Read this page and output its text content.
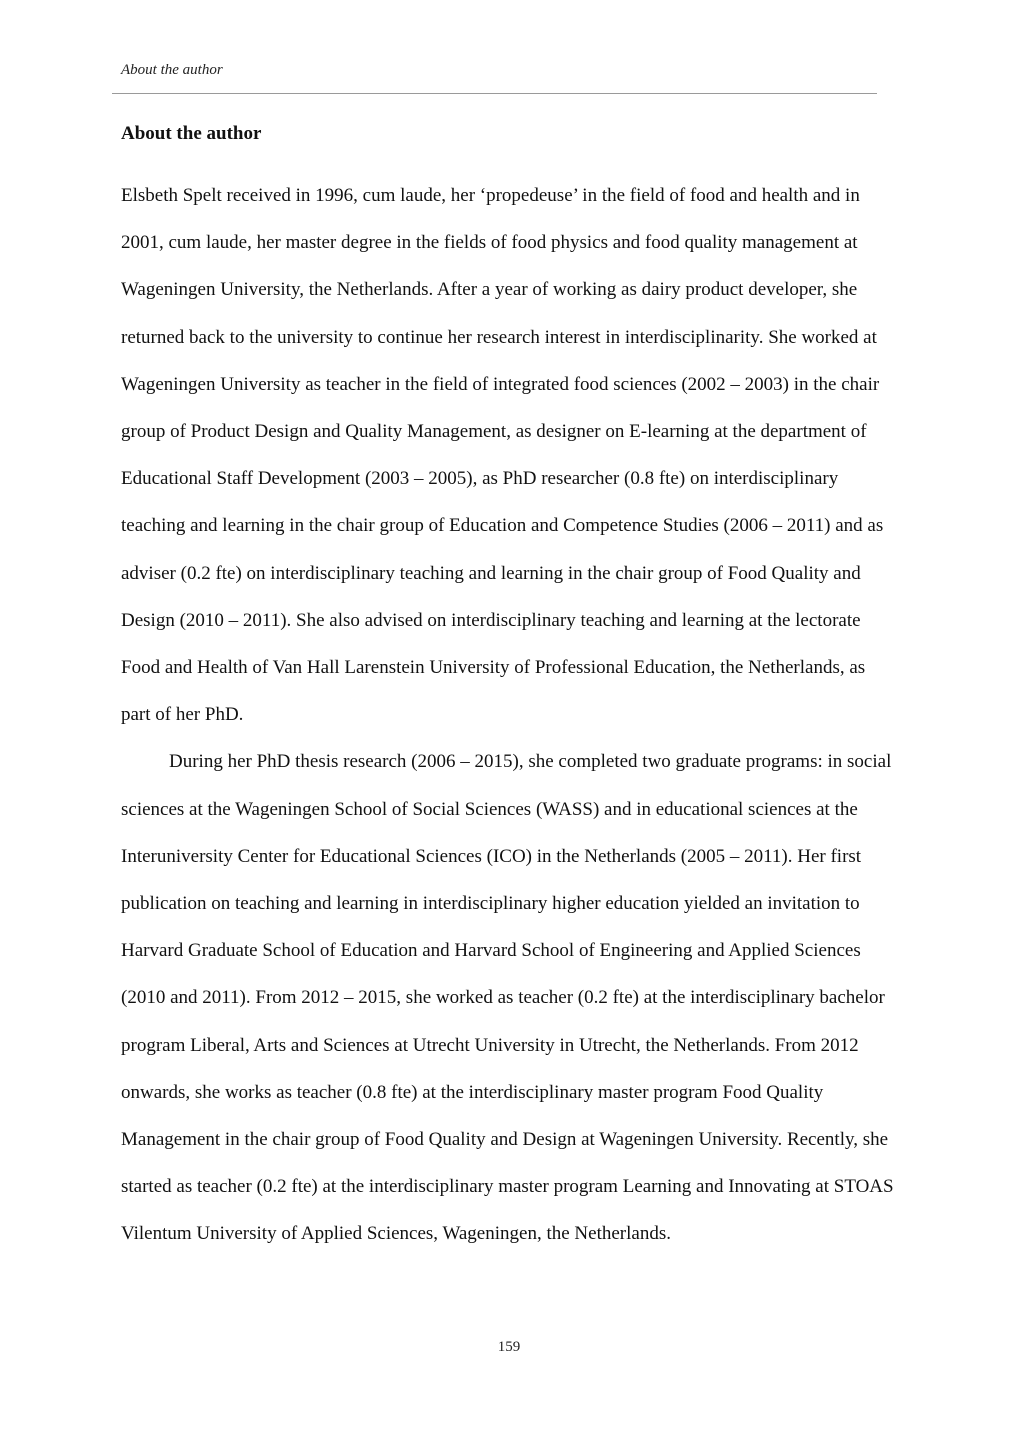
About the author
About the author

Elsbeth Spelt received in 1996, cum laude, her ‘propedeuse’ in the field of food and health and in 2001, cum laude, her master degree in the fields of food physics and food quality management at Wageningen University, the Netherlands. After a year of working as dairy product developer, she returned back to the university to continue her research interest in interdisciplinarity. She worked at Wageningen University as teacher in the field of integrated food sciences (2002 – 2003) in the chair group of Product Design and Quality Management, as designer on E-learning at the department of Educational Staff Development (2003 – 2005), as PhD researcher (0.8 fte) on interdisciplinary teaching and learning in the chair group of Education and Competence Studies (2006 – 2011) and as adviser (0.2 fte) on interdisciplinary teaching and learning in the chair group of Food Quality and Design (2010 – 2011). She also advised on interdisciplinary teaching and learning at the lectorate Food and Health of Van Hall Larenstein University of Professional Education, the Netherlands, as part of her PhD.

During her PhD thesis research (2006 – 2015), she completed two graduate programs: in social sciences at the Wageningen School of Social Sciences (WASS) and in educational sciences at the Interuniversity Center for Educational Sciences (ICO) in the Netherlands (2005 – 2011). Her first publication on teaching and learning in interdisciplinary higher education yielded an invitation to Harvard Graduate School of Education and Harvard School of Engineering and Applied Sciences (2010 and 2011). From 2012 – 2015, she worked as teacher (0.2 fte) at the interdisciplinary bachelor program Liberal, Arts and Sciences at Utrecht University in Utrecht, the Netherlands. From 2012 onwards, she works as teacher (0.8 fte) at the interdisciplinary master program Food Quality Management in the chair group of Food Quality and Design at Wageningen University. Recently, she started as teacher (0.2 fte) at the interdisciplinary master program Learning and Innovating at STOAS Vilentum University of Applied Sciences, Wageningen, the Netherlands.

159
